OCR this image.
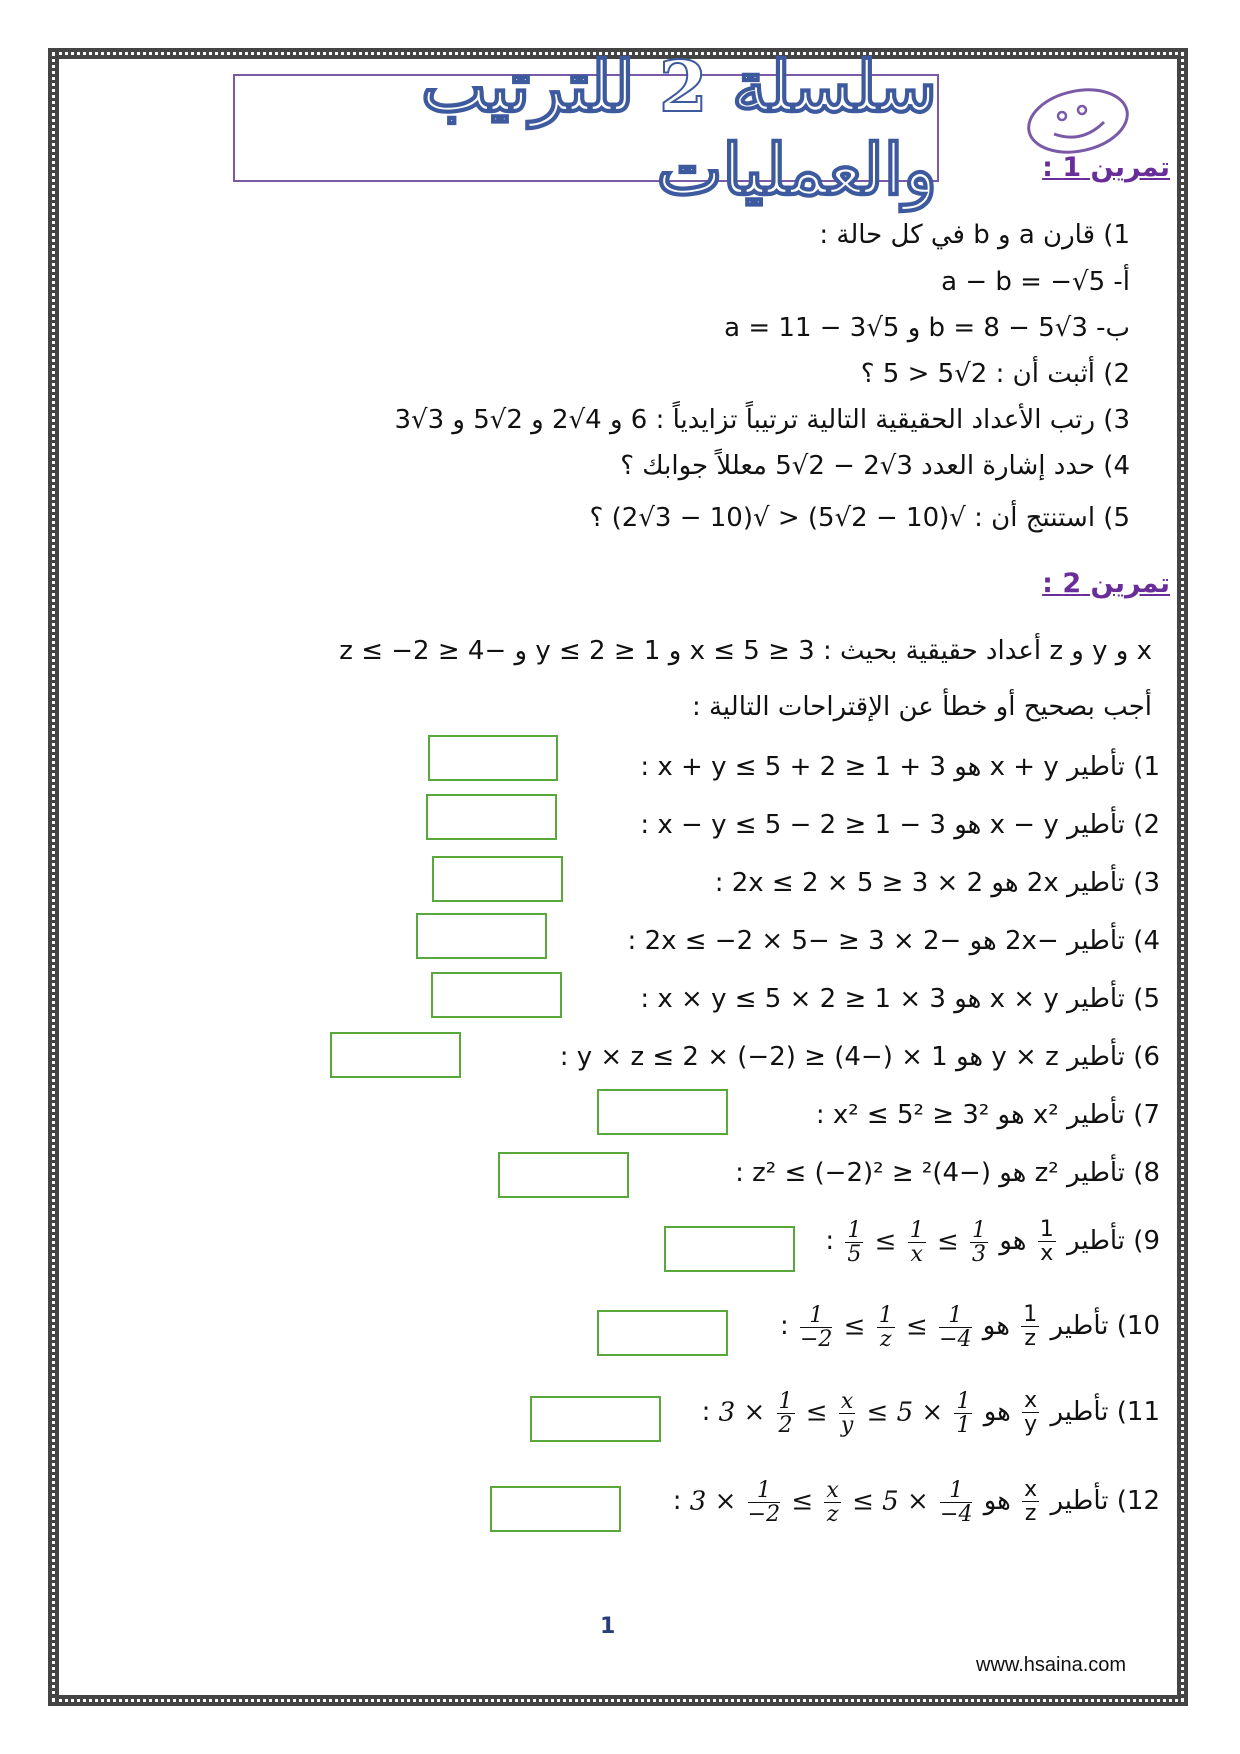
سلسلة 2 للترتيب والعمليات	تمرين 1 :
1) قارن a و b في كل حالة :
أ- a − b = −√5
ب- b = 8 − 5√3 و a = 11 − 3√5
2) أثبت أن : 2√5 < 5 ؟
3) رتب الأعداد الحقيقية التالية ترتيباً تزايدياً : 6 و 4√2 و 2√5 و 3√3
4) حدد إشارة العدد 3√2 − 2√5 معللاً جوابك ؟
5) استنتج أن : √(10 − 2√5) < √(10 − 3√2) ؟
تمرين 2 :
x و y و z أعداد حقيقية بحيث : 3 ≤ x ≤ 5 و 1 ≤ y ≤ 2 و −4 ≤ z ≤ −2
أجب بصحيح أو خطأ عن الإقتراحات التالية :
1) تأطير x + y هو 3 + 1 ≤ x + y ≤ 5 + 2 :
2) تأطير x − y هو 3 − 1 ≤ x − y ≤ 5 − 2 :
3) تأطير 2x هو 2 × 3 ≤ 2x ≤ 2 × 5 :
4) تأطير −2x هو −2 × 3 ≤ −2x ≤ −2 × 5 :
5) تأطير x × y هو 3 × 1 ≤ x × y ≤ 5 × 2 :
6) تأطير y × z هو 1 × (−4) ≤ y × z ≤ 2 × (−2) :
7) تأطير x² هو 3² ≤ x² ≤ 5² :
8) تأطير z² هو (−4)² ≤ z² ≤ (−2)² :
9) تأطير
$\frac{1}{x}$
هو
$\frac{1}{5} \le \frac{1}{x} \le \frac{1}{3}$
:
10) تأطير
$\frac{1}{z}$
هو
$\frac{1}{-2} \le \frac{1}{z} \le \frac{1}{-4}$
:
11) تأطير
$\frac{x}{y}$
هو $3 \times \frac{1}{2} \le \frac{x}{y} \le 5 \times \frac{1}{1}$
:
12) تأطير
$\frac{x}{z}$
هو $3 \times \frac{1}{-2} \le \frac{x}{z} \le 5 \times \frac{1}{-4}$
:
1
www.hsaina.com
